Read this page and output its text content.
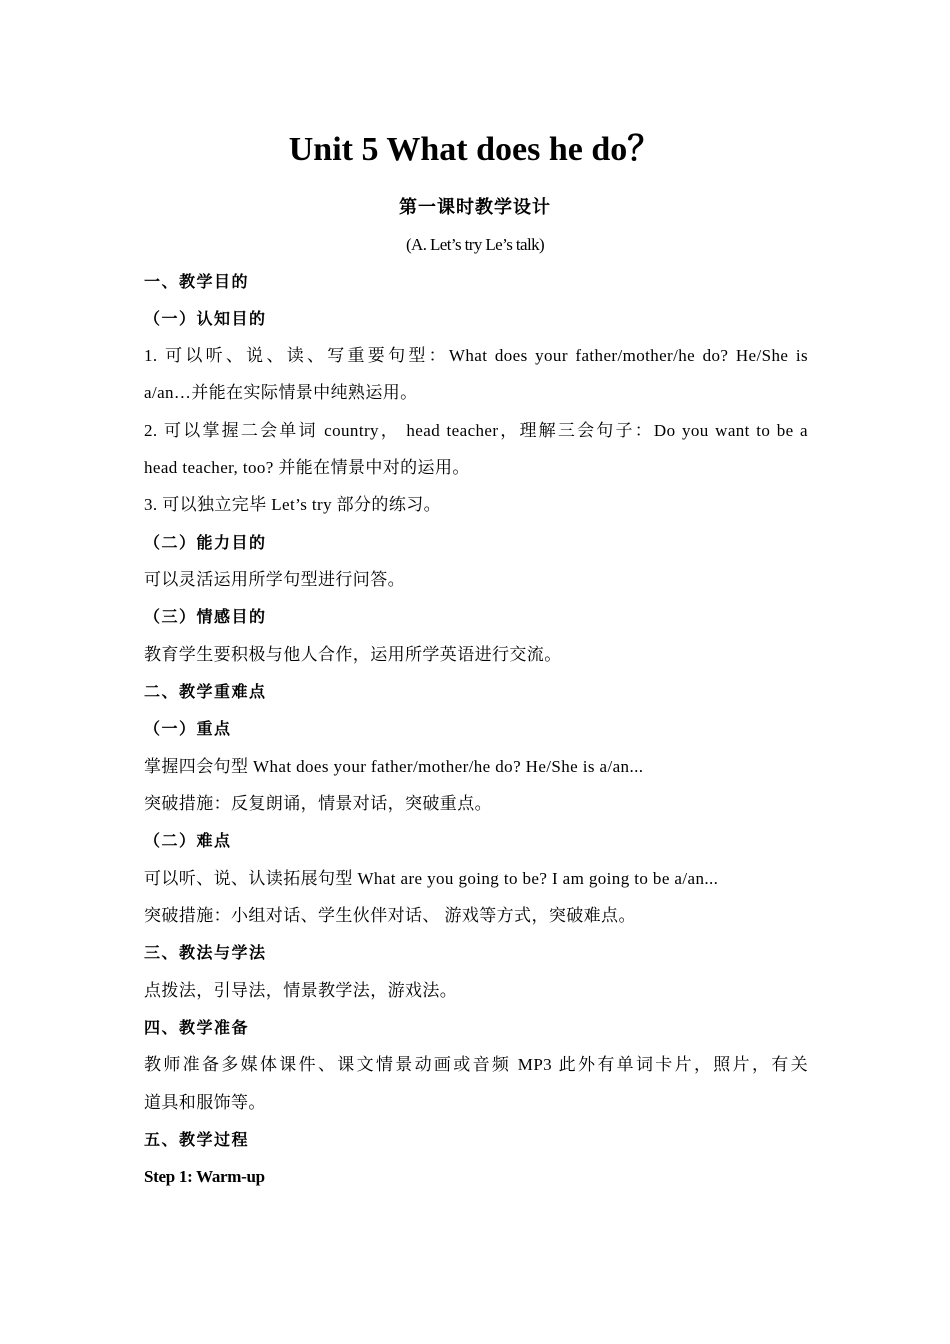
Unit 5 What does he do？
第一课时教学设计
(A. Let’s try Le’s talk)
一、教学目的
（一）认知目的
1. 可以听、说、读、写重要句型：What does your father/mother/he do? He/She is
a/an…并能在实际情景中纯熟运用。
2. 可以掌握二会单词 country， head teacher，理解三会句子：Do you want to be a
head teacher, too? 并能在情景中对的运用。
3. 可以独立完毕 Let’s try 部分的练习。
（二）能力目的
可以灵活运用所学句型进行问答。
（三）情感目的
教育学生要积极与他人合作，运用所学英语进行交流。
二、教学重难点
（一）重点
掌握四会句型 What does your father/mother/he do? He/She is a/an...
突破措施：反复朗诵，情景对话，突破重点。
（二）难点
可以听、说、认读拓展句型 What are you going to be? I am going to be a/an...
突破措施：小组对话、学生伙伴对话、 游戏等方式，突破难点。
三、教法与学法
点拨法，引导法，情景教学法，游戏法。
四、教学准备
教师准备多媒体课件、课文情景动画或音频 MP3 此外有单词卡片，照片，有关
道具和服饰等。
五、教学过程
Step 1: Warm-up
